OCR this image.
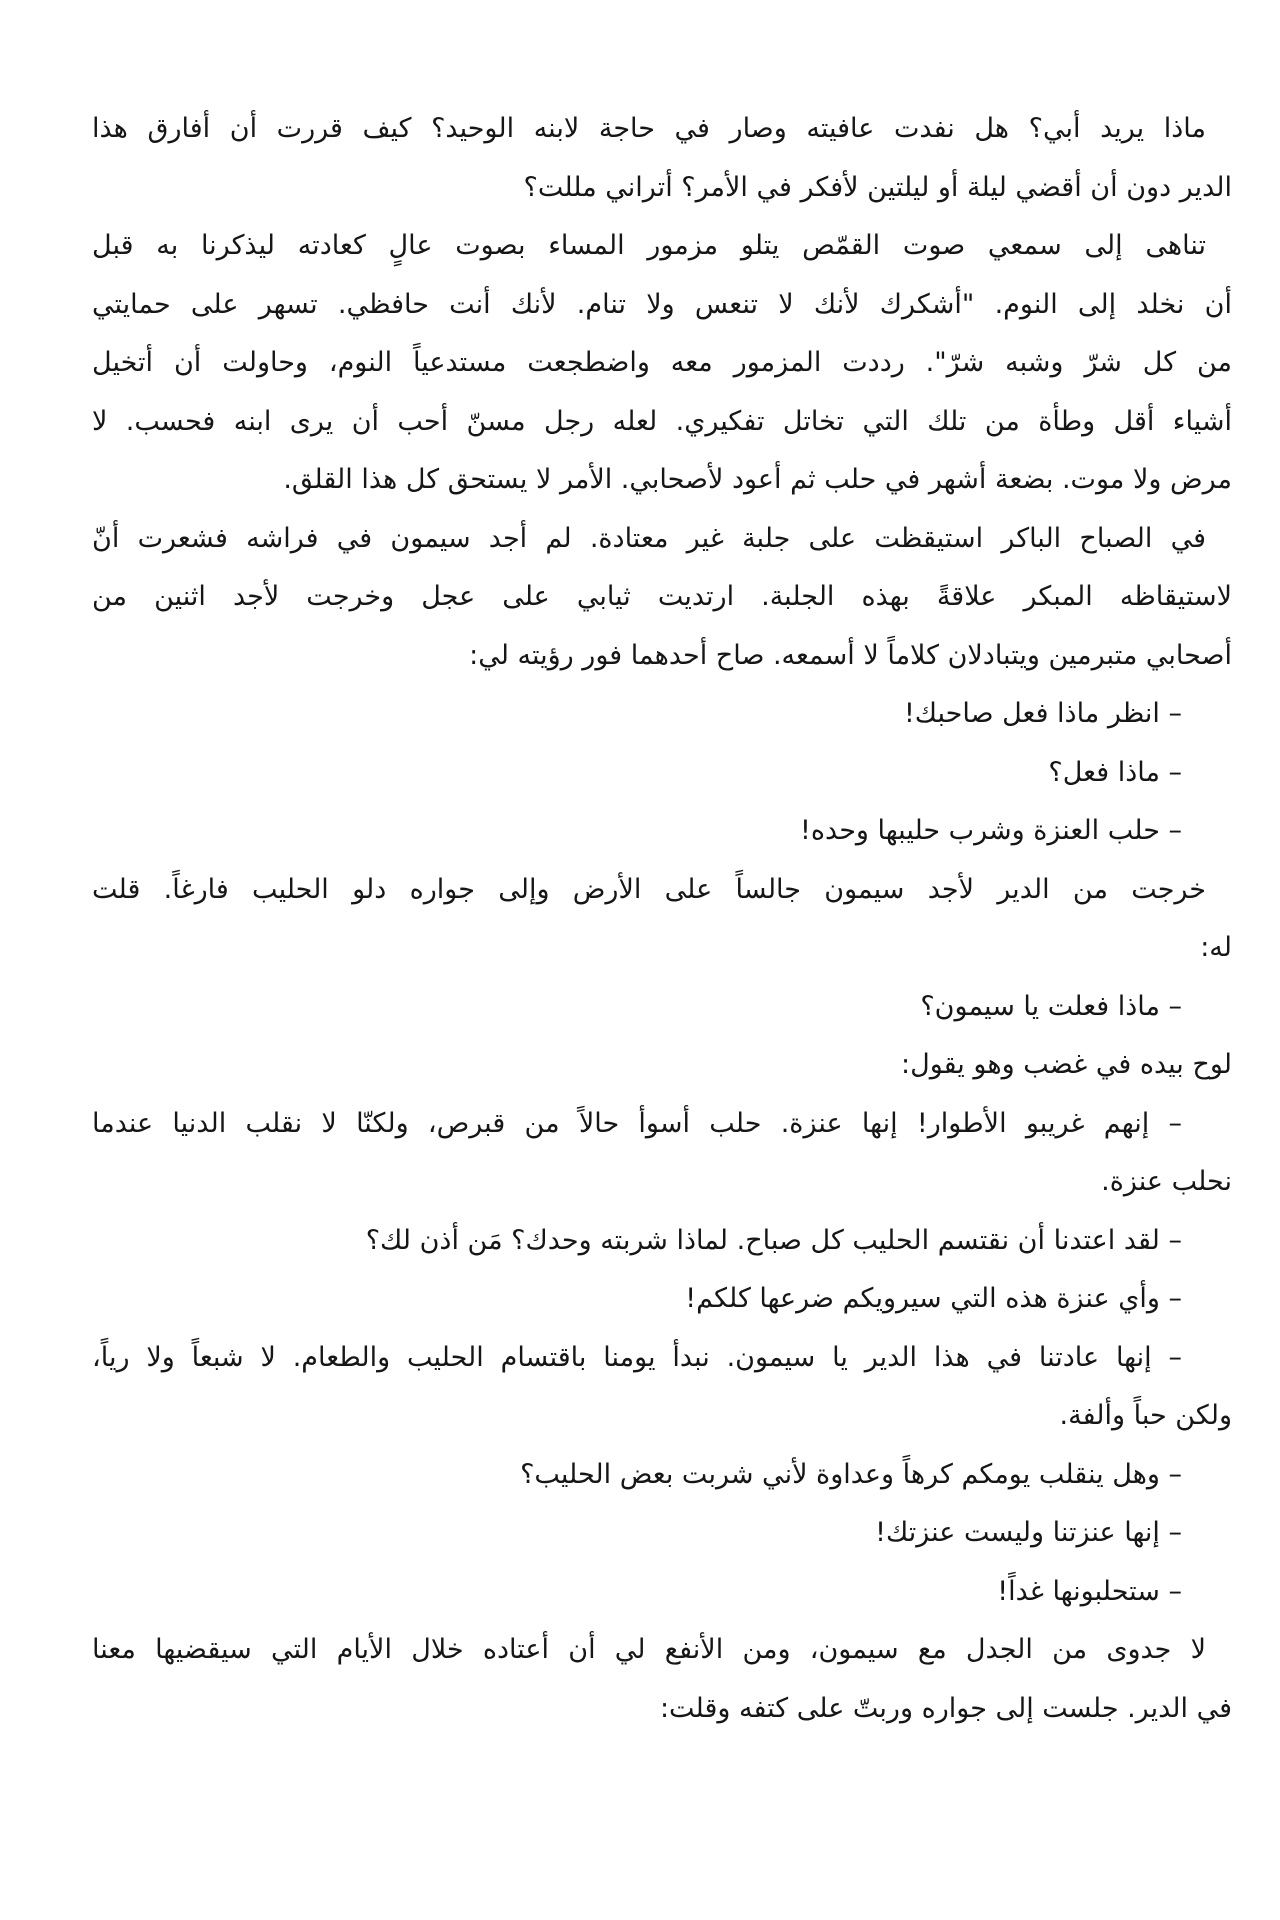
ماذا يريد أبي؟ هل نفدت عافيته وصار في حاجة لابنه الوحيد؟ كيف قررت أن أفارق هذا
الدير دون أن أقضي ليلة أو ليلتين لأفكر في الأمر؟ أتراني مللت؟
تناهى إلى سمعي صوت القمّص يتلو مزمور المساء بصوت عالٍ كعادته ليذكرنا به قبل
أن نخلد إلى النوم. "أشكرك لأنك لا تنعس ولا تنام. لأنك أنت حافظي. تسهر على حمايتي
من كل شرّ وشبه شرّ". رددت المزمور معه واضطجعت مستدعياً النوم، وحاولت أن أتخيل
أشياء أقل وطأة من تلك التي تخاتل تفكيري. لعله رجل مسنّ أحب أن يرى ابنه فحسب. لا
مرض ولا موت. بضعة أشهر في حلب ثم أعود لأصحابي. الأمر لا يستحق كل هذا القلق.
في الصباح الباكر استيقظت على جلبة غير معتادة. لم أجد سيمون في فراشه فشعرت أنّ
لاستيقاظه المبكر علاقةً بهذه الجلبة. ارتديت ثيابي على عجل وخرجت لأجد اثنين من
أصحابي متبرمين ويتبادلان كلاماً لا أسمعه. صاح أحدهما فور رؤيته لي:
– انظر ماذا فعل صاحبك!
– ماذا فعل؟
– حلب العنزة وشرب حليبها وحده!
خرجت من الدير لأجد سيمون جالساً على الأرض وإلى جواره دلو الحليب فارغاً. قلت
له:
– ماذا فعلت يا سيمون؟
لوح بيده في غضب وهو يقول:
– إنهم غريبو الأطوار! إنها عنزة. حلب أسوأ حالاً من قبرص، ولكنّا لا نقلب الدنيا عندما
نحلب عنزة.
– لقد اعتدنا أن نقتسم الحليب كل صباح. لماذا شربته وحدك؟ مَن أذن لك؟
– وأي عنزة هذه التي سيرويكم ضرعها كلكم!
– إنها عادتنا في هذا الدير يا سيمون. نبدأ يومنا باقتسام الحليب والطعام. لا شبعاً ولا رياً،
ولكن حباً وألفة.
– وهل ينقلب يومكم كرهاً وعداوة لأني شربت بعض الحليب؟
– إنها عنزتنا وليست عنزتك!
– ستحلبونها غداً!
لا جدوى من الجدل مع سيمون، ومن الأنفع لي أن أعتاده خلال الأيام التي سيقضيها معنا
في الدير. جلست إلى جواره وربتّ على كتفه وقلت:
